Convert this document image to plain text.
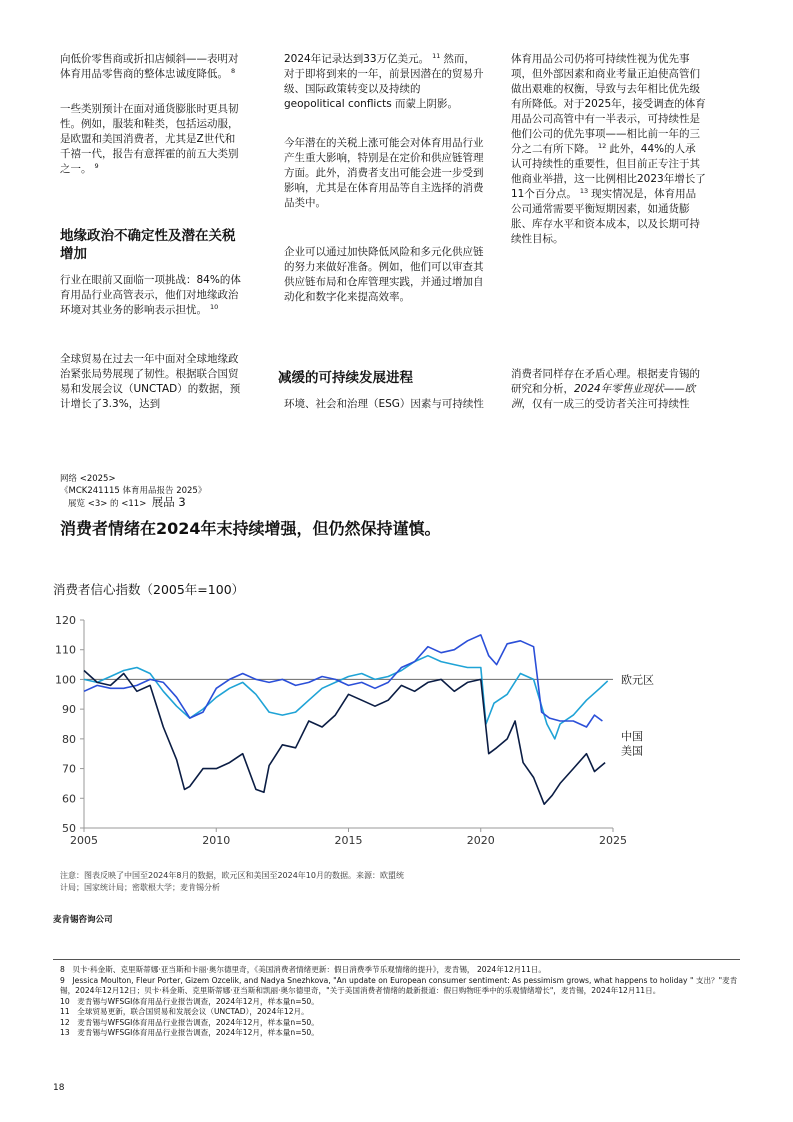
向低价零售商或折扣店倾斜——表明对体育用品零售商的整体忠诚度降低。 $^8$

一些类别预计在面对通货膨胀时更具韧性。例如，服装和鞋类，包括运动服，是欧盟和美国消费者，尤其是Z世代和千禧一代，报告有意挥霍的前五大类别之一。 $^9$

地缘政治不确定性及潜在关税增加

行业在眼前又面临一项挑战：84%的体育用品行业高管表示，他们对地缘政治环境对其业务的影响表示担忧。 $^{10}$

全球贸易在过去一年中面对全球地缘政治紧张局势展现了韧性。根据联合国贸易和发展会议（UNCTAD）的数据，预计增长了3.3%，达到

2024年记录达到33万亿美元。 $^{11}$ 然而，对于即将到来的一年，前景因潜在的贸易升级、国际政策转变以及持续的 geopolitical conflicts 而蒙上阴影。

今年潜在的关税上涨可能会对体育用品行业产生重大影响，特别是在定价和供应链管理方面。此外，消费者支出可能会进一步受到影响，尤其是在体育用品等自主选择的消费品类中。

企业可以通过加快降低风险和多元化供应链的努力来做好准备。例如，他们可以审查其供应链布局和仓库管理实践，并通过增加自动化和数字化来提高效率。

减缓的可持续发展进程

环境、社会和治理（ESG）因素与可持续性

体育用品公司仍将可持续性视为优先事项，但外部因素和商业考量正迫使高管们做出艰难的权衡，导致与去年相比优先级有所降低。对于2025年，接受调查的体育用品公司高管中有一半表示，可持续性是他们公司的优先事项——相比前一年的三分之二有所下降。 $^{12}$ 此外，44%的人承认可持续性的重要性，但目前正专注于其他商业举措，这一比例相比2023年增长了11个百分点。 $^{13}$ 现实情况是，体育用品公司通常需要平衡短期因素，如通货膨胀、库存水平和资本成本，以及长期可持续性目标。

消费者同样存在矛盾心理。根据麦肯锡的研究和分析，2024年零售业现状——欧洲，仅有一成三的受访者关注可持续性

网络 <2025>
《MCK241115 体育用品报告 2025》
展览 <3> 的 <11> 展品 3
消费者情绪在2024年末持续增强，但仍然保持谨慎。
消费者信心指数（2005年=100）
50
60
70
80
90
100
110
120
2005	2010	2015	2020	2025
欧元区
中国
美国
注意：图表反映了中国至2024年8月的数据，欧元区和美国至2024年10月的数据。来源：欧盟统计局；国家统计局；密歇根大学；麦肯锡分析
麦肯锡咨询公司

8　贝卡·科金斯、克里斯蒂娜·亚当斯和卡丽·奥尔德里奇，《美国消费者情绪更新：假日消费季节乐观情绪的提升》，麦肯锡， 2024年12月11日。

9　Jessica Moulton, Fleur Porter, Gizem Ozcelik, and Nadya Snezhkova, "An update on European consumer sentiment: As pessimism grows, what happens to holiday " 支出？"麦肯锡，2024年12月12日；贝卡·科金斯、克里斯蒂娜·亚当斯和凯丽·奥尔德里奇，"关于美国消费者情绪的最新报道：假日购物旺季中的乐观情绪增长"，麦肯锡，2024年12月11日。

10　麦肯锡与WFSGI体育用品行业报告调查，2024年12月，样本量n=50。

11　全球贸易更新，联合国贸易和发展会议（UNCTAD），2024年12月。

12　麦肯锡与WFSGI体育用品行业报告调查，2024年12月，样本量n=50。

13　麦肯锡与WFSGI体育用品行业报告调查，2024年12月，样本量n=50。

18
